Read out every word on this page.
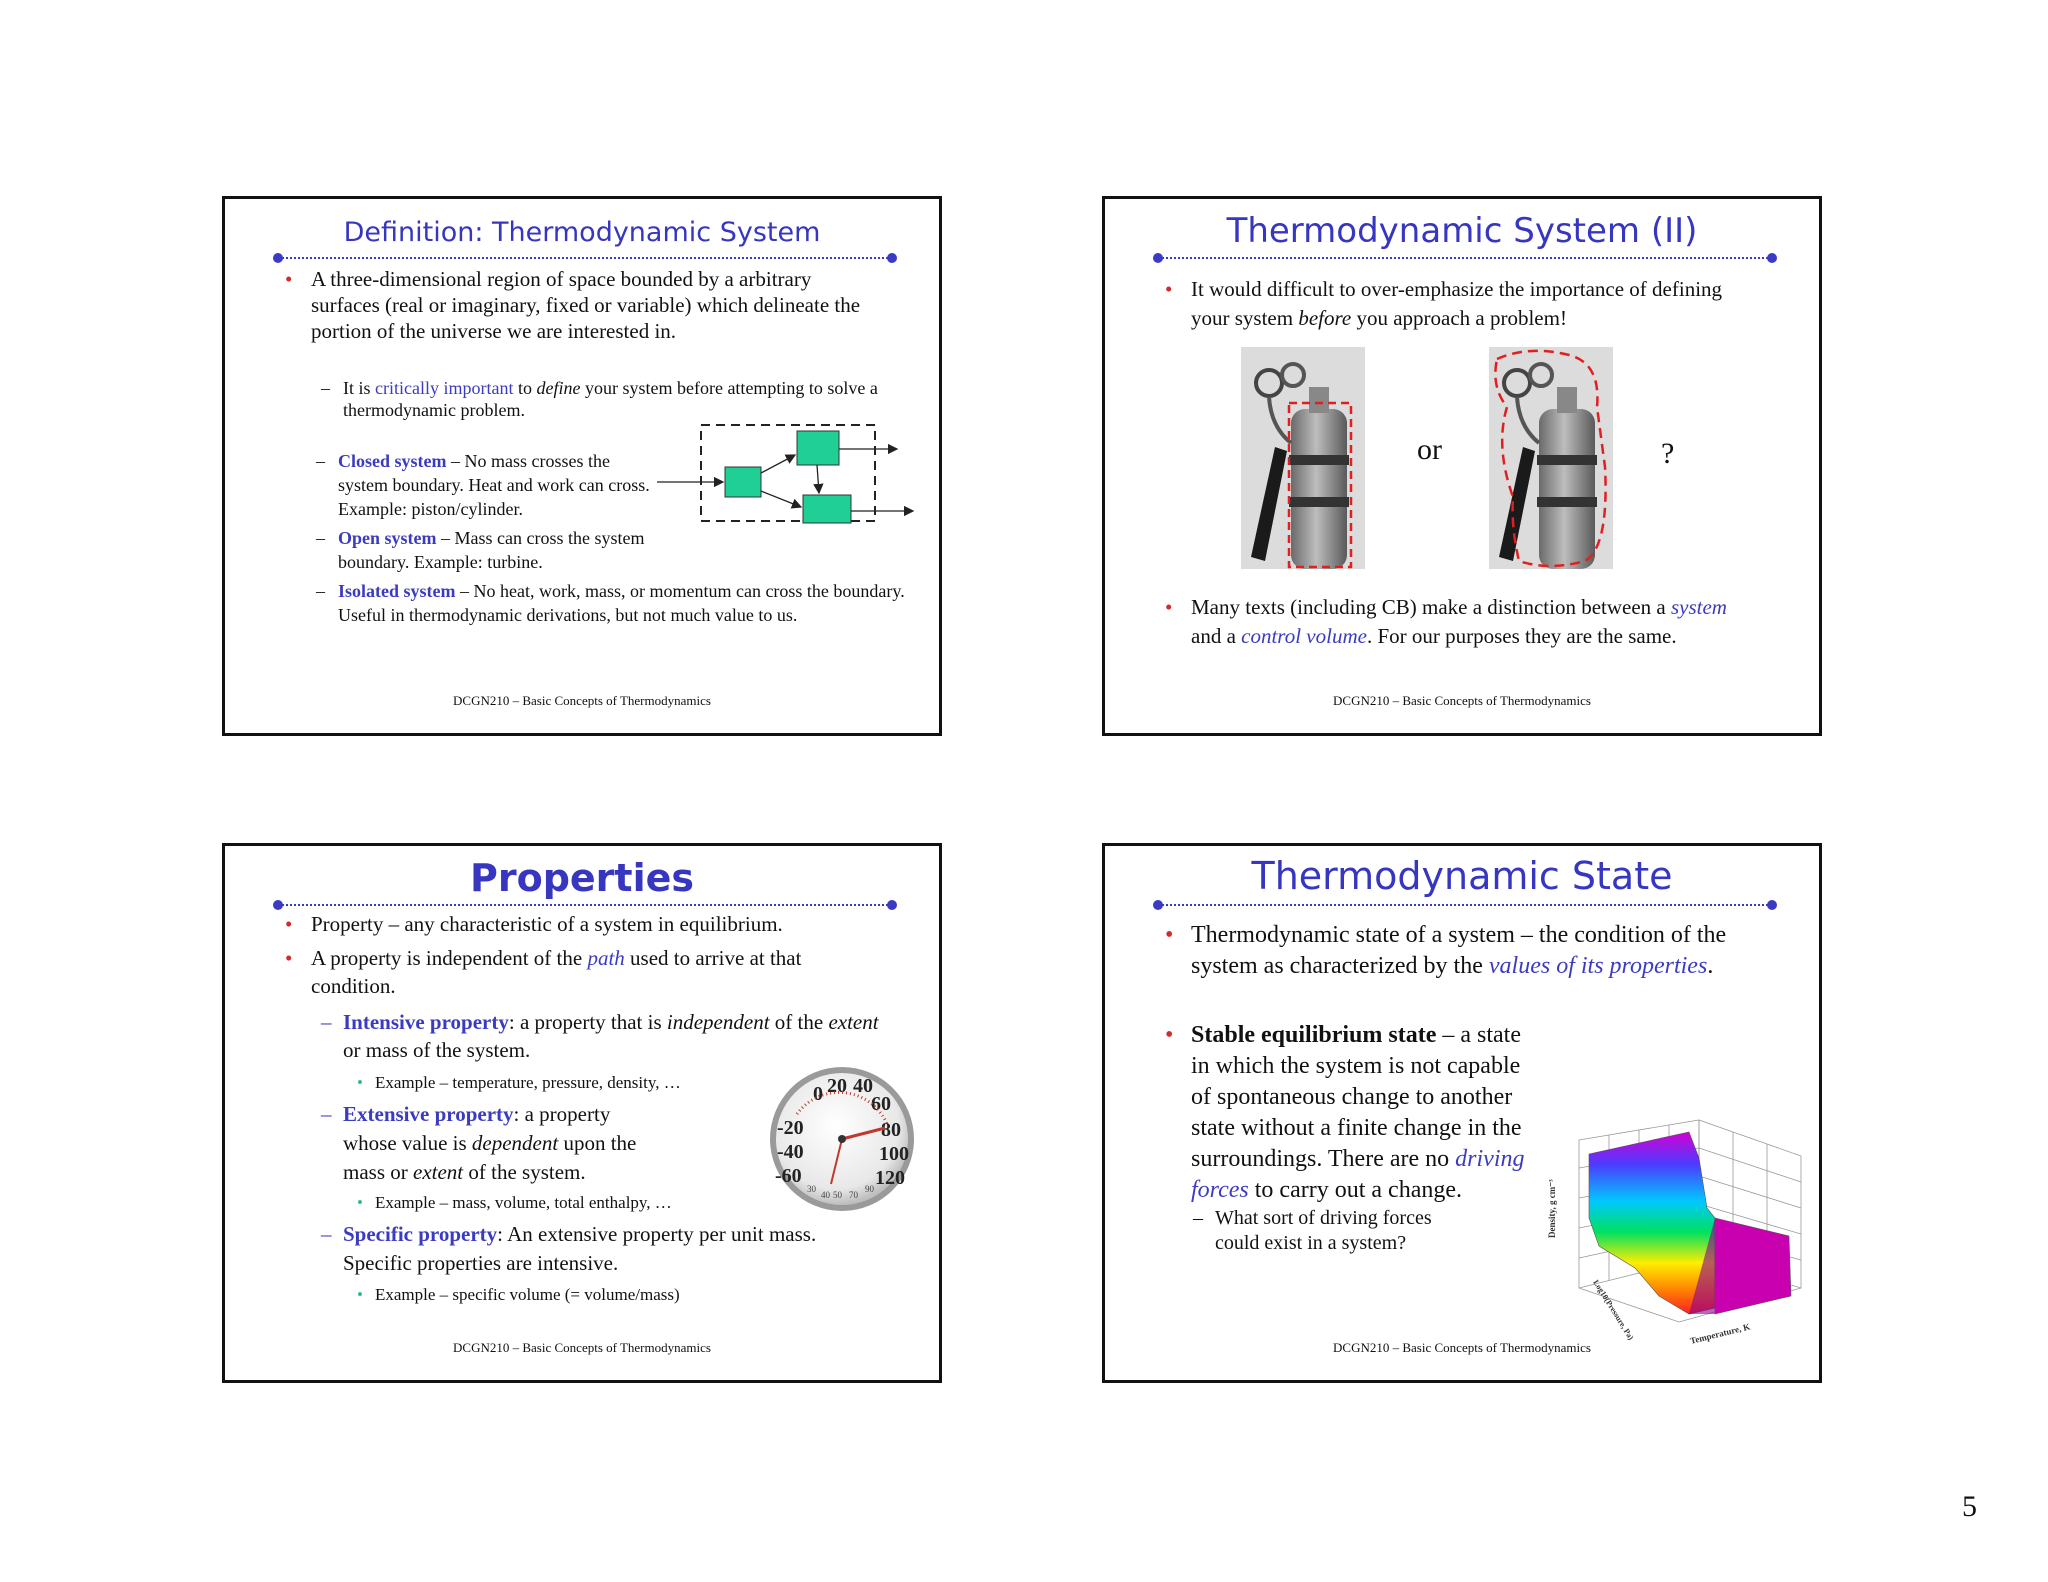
Definition: Thermodynamic System
• A three-dimensional region of space bounded by a arbitrary surfaces (real or imaginary, fixed or variable) which delineate the portion of the universe we are interested in.
– It is critically important to define your system before attempting to solve a thermodynamic problem.
– Closed system – No mass crosses the system boundary. Heat and work can cross. Example: piston/cylinder.
– Open system – Mass can cross the system boundary. Example: turbine.
– Isolated system – No heat, work, mass, or momentum can cross the boundary. Useful in thermodynamic derivations, but not much value to us.
DCGN210 – Basic Concepts of Thermodynamics
Thermodynamic System (II)
• It would difficult to over-emphasize the importance of defining your system before you approach a problem!
or	?
• Many texts (including CB) make a distinction between a system and a control volume. For our purposes they are the same.
DCGN210 – Basic Concepts of Thermodynamics
Properties
• Property – any characteristic of a system in equilibrium.
• A property is independent of the path used to arrive at that condition.
– Intensive property: a property that is independent of the extent or mass of the system.
• Example – temperature, pressure, density, …
– Extensive property: a property whose value is dependent upon the mass or extent of the system.
• Example – mass, volume, total enthalpy, …
– Specific property: An extensive property per unit mass. Specific properties are intensive.
• Example – specific volume (= volume/mass)
0 20 40
60
80
100
120
-60
-40
-20
30
40 50 70
90
DCGN210 – Basic Concepts of Thermodynamics
Thermodynamic State
• Thermodynamic state of a system – the condition of the system as characterized by the values of its properties.
• Stable equilibrium state – a state in which the system is not capable of spontaneous change to another state without a finite change in the surroundings. There are no driving forces to carry out a change.
– What sort of driving forces could exist in a system?
Density, g cm⁻³
Temperature, K
Log10(Pressure, Pa)
DCGN210 – Basic Concepts of Thermodynamics
5
